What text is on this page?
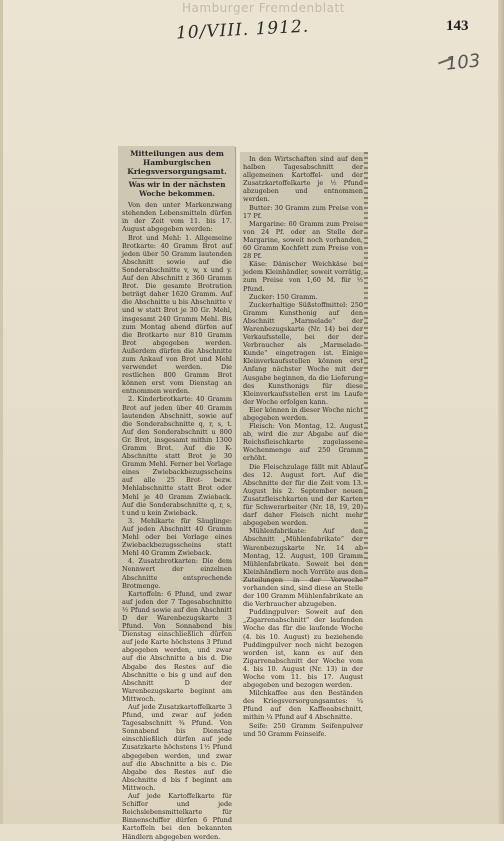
Hamburger Fremdenblatt
10/VIII. 1912.	143
103

Mitteilungen aus dem Hamburgischen Kriegsversorgungsamt.

Was wir in der nächsten Woche bekommen.

Von den unter Markenzwang stehenden Lebensmitteln dürfen in der Zeit vom 11. bis 17. August abgegeben werden:

Brot und Mehl: 1. Allgemeine Brotkarte: 40 Gramm Brot auf jeden über 50 Gramm lautenden Abschnitt sowie auf die Sonderabschnitte v, w, x und y. Auf den Abschnitt z 360 Gramm Brot. Die gesamte Brotration beträgt daher 1620 Gramm. Auf die Abschnitte u bis Abschnitte v und w statt Brot je 30 Gr. Mehl, insgesamt 240 Gramm Mehl. Bis zum Montag abend dürfen auf die Brotkarte nur 810 Gramm Brot abgegeben werden. Außerdem dürfen die Abschnitte zum Ankauf von Brot und Mehl verwendet werden. Die restlichen 800 Gramm Brot können erst vom Dienstag an entnommen werden.

2. Kinderbrotkarte: 40 Gramm Brot auf jeden über 40 Gramm lautenden Abschnitt, sowie auf die Sonderabschnitte q, r, s, t. Auf den Sonderabschnitt u 800 Gr. Brot, insgesamt mithin 1300 Gramm Brot. Auf die K-Abschnitte statt Brot je 30 Gramm Mehl. Ferner bei Vorlage eines Zwiebackbezugsscheins auf alle 25 Brot- bezw. Mehlabschnitte statt Brot oder Mehl je 40 Gramm Zwieback. Auf die Sonderabschnitte q, r, s, t und u kein Zwieback.

3. Mehlkarte für Säuglinge: Auf jeden Abschnitt 40 Gramm Mehl oder bei Vorlage eines Zwiebackbezugsscheins statt Mehl 40 Gramm Zwieback.

4. Zusatzbrotkarten: Die dem Nennwert der einzelnen Abschnitte entsprechende Brotmenge.

Kartoffeln: 6 Pfund, und zwar auf jeden der 7 Tagesabschnitte ½ Pfund sowie auf den Abschnitt D der Warenbezugskarte 3 Pfund. Von Sonnabend bis Dienstag einschließlich dürfen auf jede Karte höchstens 3 Pfund abgegeben werden, und zwar auf die Abschnitte a bis d. Die Abgabe des Restes auf die Abschnitte e bis g und auf den Abschnitt D der Warenbezugskarte beginnt am Mittwoch.

Auf jede Zusatzkartoffelkarte 3 Pfund, und zwar auf jeden Tagesabschnitt ¾ Pfund. Von Sonnabend bis Dienstag einschließlich dürfen auf jede Zusatzkarte höchstens 1½ Pfund abgegeben werden, und zwar auf die Abschnitte a bis c. Die Abgabe des Restes auf die Abschnitte d bis f beginnt am Mittwoch.

Auf jede Kartoffelkarte für Schiffer und jede Reichslebensmittelkarte für Binnenschiffer dürfen 6 Pfund Kartoffeln bei den bekannten Händlern abgegeben werden.

In den Wirtschaften sind auf den halben Tagesabschnitt der allgemeinen Kartoffel- und der Zusatzkartoffelkarte je ½ Pfund abzugeben und entnommen werden.

Butter: 30 Gramm zum Preise von 17 Pf.

Margarine: 60 Gramm zum Preise von 24 Pf. oder an Stelle der Margarine, soweit noch vorhanden, 60 Gramm Kochfett zum Preise von 28 Pf.

Käse: Dänischer Weichkäse bei jedem Kleinhändler, soweit vorrätig, zum Preise von 1,60 M. für ½ Pfund.

Zucker: 150 Gramm.

Zuckerhaltige Süßstoffmittel: 250 Gramm Kunsthonig auf den Abschnitt „Marmelade“ der Warenbezugskarte (Nr. 14) bei der Verkaufsstelle, bei der der Verbraucher als „Marmelade-Kunde“ eingetragen ist. Einige Kleinverkaufsstellen können erst Anfang nächster Woche mit der Ausgabe beginnen, da die Lieferung des Kunsthonigs für diese Kleinverkaufsstellen erst im Laufe der Woche erfolgen kann.

Eier können in dieser Woche nicht abgegeben werden.

Fleisch: Von Montag, 12. August ab, wird die zur Abgabe auf die Reichsfleischkarte zugelassene Wochenmenge auf 250 Gramm erhöht.

Die Fleischzulage fällt mit Ablauf des 12. August fort. Auf die Abschnitte der für die Zeit vom 13. August bis 2. September neuen Zusatzfleischkarten und der Karten für Schwerarbeiter (Nr. 18, 19, 20) darf daher Fleisch nicht mehr abgegeben werden.

Mühlenfabrikate: Auf den Abschnitt „Mühlenfabrikate“ der Warenbezugskarte Nr. 14 ab Montag, 12. August, 100 Gramm Mühlenfabrikate. Soweit bei den Kleinhändlern noch Vorräte aus den Zuteilungen in der Vorwoche vorhanden sind, sind diese an Stelle der 100 Gramm Mühlenfabrikate an die Verbraucher abzugeben.

Puddingpulver: Soweit auf den „Zigarrenabschnitt“ der laufenden Woche das für die laufende Woche (4. bis 10. August) zu beziehende Puddingpulver noch nicht bezogen worden ist, kann es auf den Zigarrenabschnitt der Woche vom 4. bis 10. August (Nr. 13) in der Woche vom 11. bis 17. August abgegeben und bezogen werden.

Milchkaffee aus den Beständen des Kriegsversorgungsamtes: ¼ Pfund auf den Kaffeeabschnitt, mithin ¼ Pfund auf 4 Abschnitte.

Seife: 250 Gramm Seifenpulver und 50 Gramm Feinseife.
